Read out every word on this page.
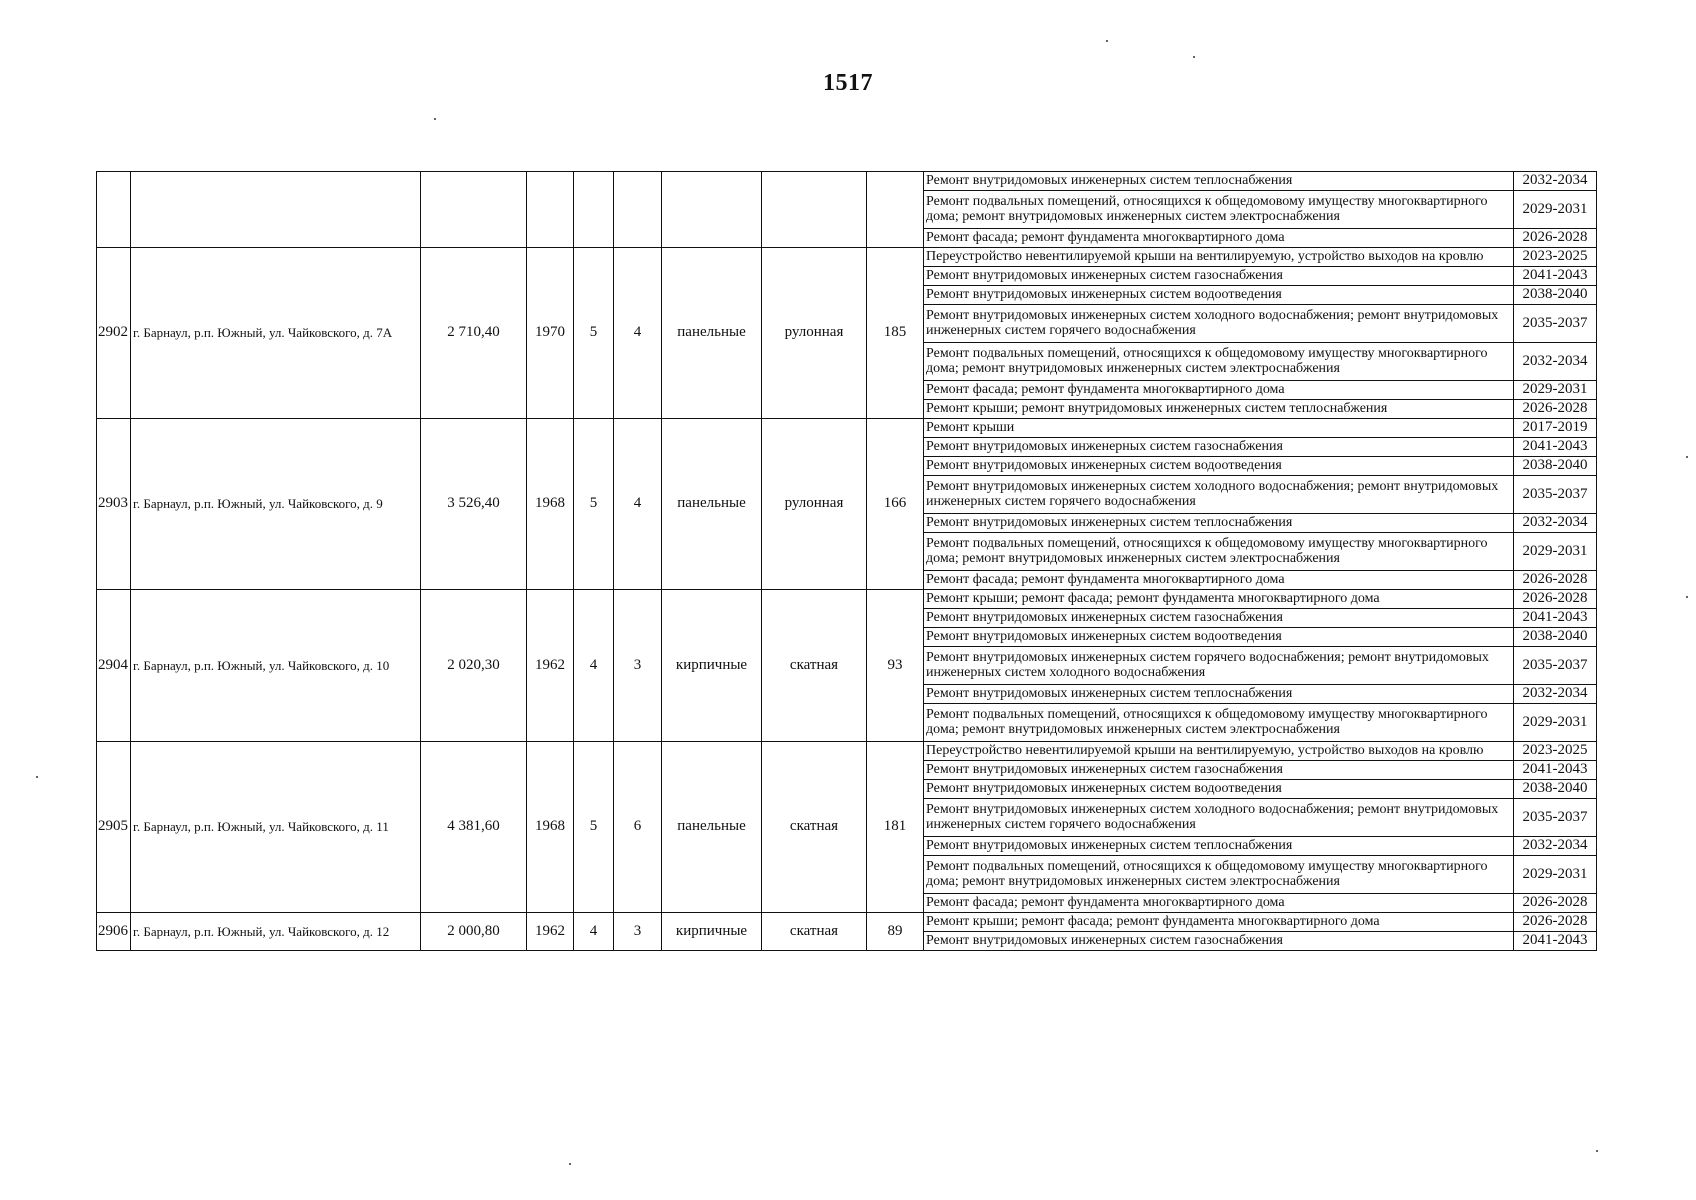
1517
									Ремонт внутридомовых инженерных систем теплоснабжения	2032-2034
									Ремонт подвальных помещений, относящихся к общедомовому имуществу многоквартирного дома; ремонт внутридомовых инженерных систем электроснабжения	2029-2031
									Ремонт фасада; ремонт фундамента многоквартирного дома	2026-2028
2902	г. Барнаул, р.п. Южный, ул. Чайковского, д. 7А	2 710,40	1970	5	4	панельные	рулонная	185	Переустройство невентилируемой крыши на вентилируемую, устройство выходов на кровлю	2023-2025
									Ремонт внутридомовых инженерных систем газоснабжения	2041-2043
									Ремонт внутридомовых инженерных систем водоотведения	2038-2040
									Ремонт внутридомовых инженерных систем холодного водоснабжения; ремонт внутридомовых инженерных систем горячего водоснабжения	2035-2037
									Ремонт подвальных помещений, относящихся к общедомовому имуществу многоквартирного дома; ремонт внутридомовых инженерных систем электроснабжения	2032-2034
									Ремонт фасада; ремонт фундамента многоквартирного дома	2029-2031
									Ремонт крыши; ремонт внутридомовых инженерных систем теплоснабжения	2026-2028
2903	г. Барнаул, р.п. Южный, ул. Чайковского, д. 9	3 526,40	1968	5	4	панельные	рулонная	166	Ремонт крыши	2017-2019
									Ремонт внутридомовых инженерных систем газоснабжения	2041-2043
									Ремонт внутридомовых инженерных систем водоотведения	2038-2040
									Ремонт внутридомовых инженерных систем холодного водоснабжения; ремонт внутридомовых инженерных систем горячего водоснабжения	2035-2037
									Ремонт внутридомовых инженерных систем теплоснабжения	2032-2034
									Ремонт подвальных помещений, относящихся к общедомовому имуществу многоквартирного дома; ремонт внутридомовых инженерных систем электроснабжения	2029-2031
									Ремонт фасада; ремонт фундамента многоквартирного дома	2026-2028
2904	г. Барнаул, р.п. Южный, ул. Чайковского, д. 10	2 020,30	1962	4	3	кирпичные	скатная	93	Ремонт крыши; ремонт фасада; ремонт фундамента многоквартирного дома	2026-2028
									Ремонт внутридомовых инженерных систем газоснабжения	2041-2043
									Ремонт внутридомовых инженерных систем водоотведения	2038-2040
									Ремонт внутридомовых инженерных систем горячего водоснабжения; ремонт внутридомовых инженерных систем холодного водоснабжения	2035-2037
									Ремонт внутридомовых инженерных систем теплоснабжения	2032-2034
									Ремонт подвальных помещений, относящихся к общедомовому имуществу многоквартирного дома; ремонт внутридомовых инженерных систем электроснабжения	2029-2031
2905	г. Барнаул, р.п. Южный, ул. Чайковского, д. 11	4 381,60	1968	5	6	панельные	скатная	181	Переустройство невентилируемой крыши на вентилируемую, устройство выходов на кровлю	2023-2025
									Ремонт внутридомовых инженерных систем газоснабжения	2041-2043
									Ремонт внутридомовых инженерных систем водоотведения	2038-2040
									Ремонт внутридомовых инженерных систем холодного водоснабжения; ремонт внутридомовых инженерных систем горячего водоснабжения	2035-2037
									Ремонт внутридомовых инженерных систем теплоснабжения	2032-2034
									Ремонт подвальных помещений, относящихся к общедомовому имуществу многоквартирного дома; ремонт внутридомовых инженерных систем электроснабжения	2029-2031
									Ремонт фасада; ремонт фундамента многоквартирного дома	2026-2028
2906	г. Барнаул, р.п. Южный, ул. Чайковского, д. 12	2 000,80	1962	4	3	кирпичные	скатная	89	Ремонт крыши; ремонт фасада; ремонт фундамента многоквартирного дома	2026-2028
									Ремонт внутридомовых инженерных систем газоснабжения	2041-2043
